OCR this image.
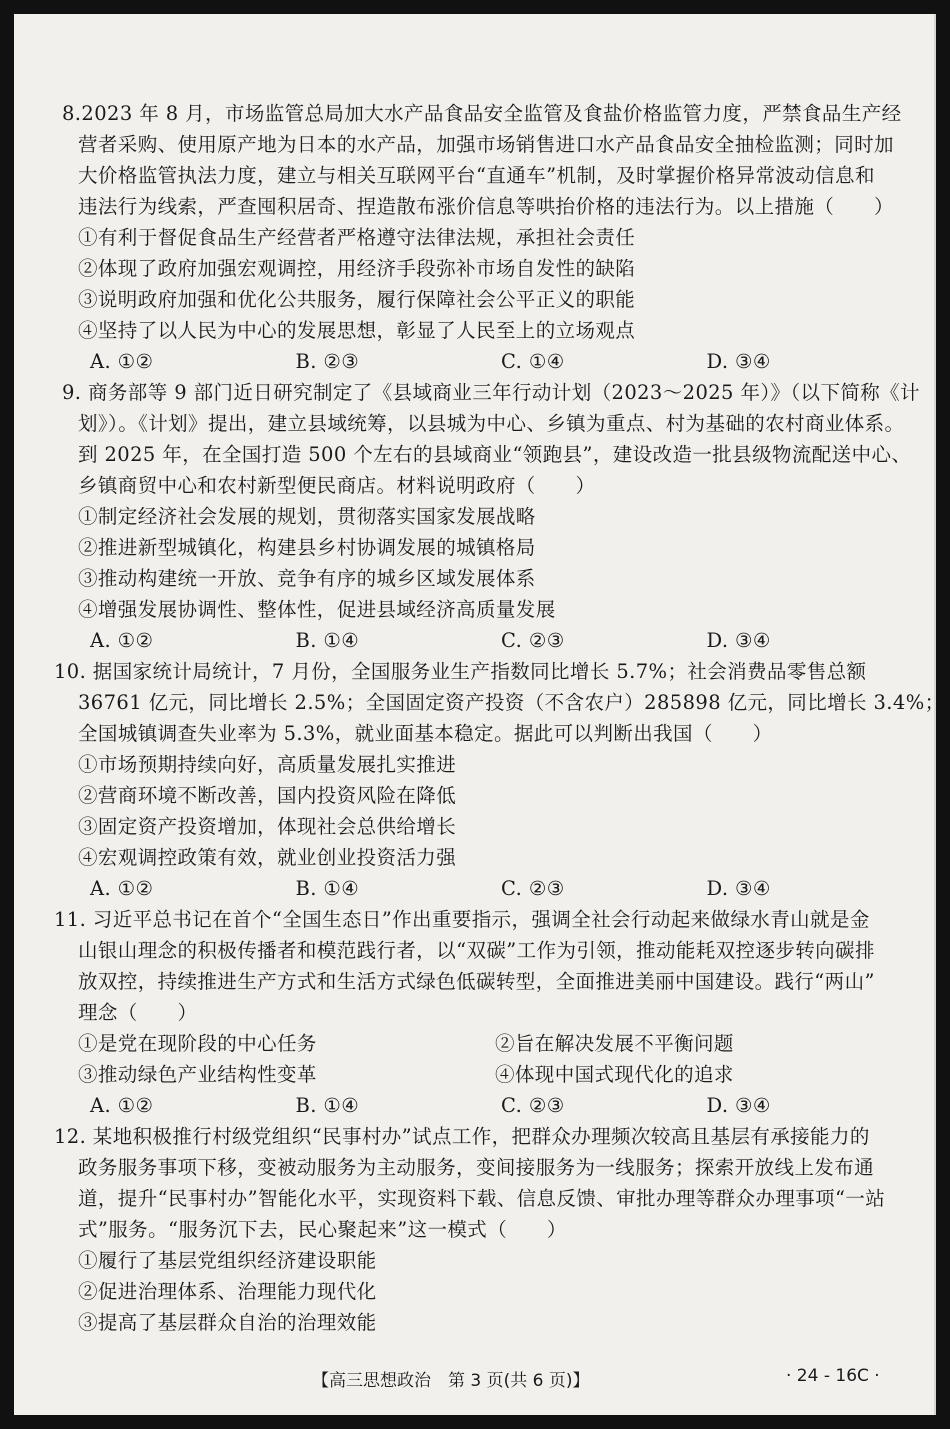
8.2023 年 8 月，市场监管总局加大水产品食品安全监管及食盐价格监管力度，严禁食品生产经

营者采购、使用原产地为日本的水产品，加强市场销售进口水产品食品安全抽检监测；同时加

大价格监管执法力度，建立与相关互联网平台“直通车”机制，及时掌握价格异常波动信息和

违法行为线索，严查囤积居奇、捏造散布涨价信息等哄抬价格的违法行为。以上措施（　　）

①有利于督促食品生产经营者严格遵守法律法规，承担社会责任

②体现了政府加强宏观调控，用经济手段弥补市场自发性的缺陷

③说明政府加强和优化公共服务，履行保障社会公平正义的职能

④坚持了以人民为中心的发展思想，彰显了人民至上的立场观点

A. ①②	B. ②③	C. ①④	D. ③④

9. 商务部等 9 部门近日研究制定了《县域商业三年行动计划（2023～2025 年）》（以下简称《计

划》）。《计划》提出，建立县域统筹，以县城为中心、乡镇为重点、村为基础的农村商业体系。

到 2025 年，在全国打造 500 个左右的县域商业“领跑县”，建设改造一批县级物流配送中心、

乡镇商贸中心和农村新型便民商店。材料说明政府（　　）

①制定经济社会发展的规划，贯彻落实国家发展战略

②推进新型城镇化，构建县乡村协调发展的城镇格局

③推动构建统一开放、竞争有序的城乡区域发展体系

④增强发展协调性、整体性，促进县域经济高质量发展

A. ①②	B. ①④	C. ②③	D. ③④

10. 据国家统计局统计，7 月份，全国服务业生产指数同比增长 5.7%；社会消费品零售总额

36761 亿元，同比增长 2.5%；全国固定资产投资（不含农户）285898 亿元，同比增长 3.4%；

全国城镇调查失业率为 5.3%，就业面基本稳定。据此可以判断出我国（　　）

①市场预期持续向好，高质量发展扎实推进

②营商环境不断改善，国内投资风险在降低

③固定资产投资增加，体现社会总供给增长

④宏观调控政策有效，就业创业投资活力强

A. ①②	B. ①④	C. ②③	D. ③④

11. 习近平总书记在首个“全国生态日”作出重要指示，强调全社会行动起来做绿水青山就是金

山银山理念的积极传播者和模范践行者，以“双碳”工作为引领，推动能耗双控逐步转向碳排

放双控，持续推进生产方式和生活方式绿色低碳转型，全面推进美丽中国建设。践行“两山”

理念（　　）

①是党在现阶段的中心任务	②旨在解决发展不平衡问题
③推动绿色产业结构性变革	④体现中国式现代化的追求
A. ①②	B. ①④	C. ②③	D. ③④

12. 某地积极推行村级党组织“民事村办”试点工作，把群众办理频次较高且基层有承接能力的

政务服务事项下移，变被动服务为主动服务，变间接服务为一线服务；探索开放线上发布通

道，提升“民事村办”智能化水平，实现资料下载、信息反馈、审批办理等群众办理事项“一站

式”服务。“服务沉下去，民心聚起来”这一模式（　　）

①履行了基层党组织经济建设职能

②促进治理体系、治理能力现代化

③提高了基层群众自治的治理效能

【高三思想政治　第 3 页(共 6 页)】	· 24 - 16C ·
